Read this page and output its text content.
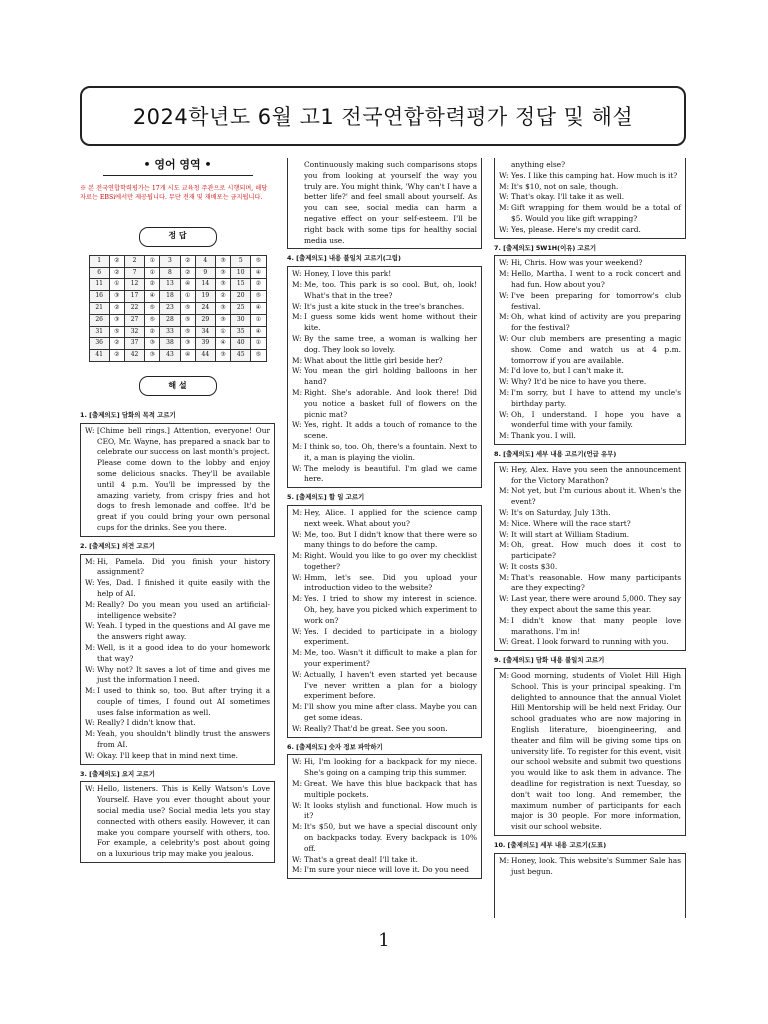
2024학년도 6월 고1 전국연합학력평가 정답 및 해설
• 영어 영역 •
※ 본 전국연합학력평가는 17개 시도 교육청 주관으로 시행되며, 해당 자료는 EBSi에서만 제공됩니다. 무단 전재 및 재배포는 금지됩니다.
정 답
1	②	2	①	3	②	4	③	5	⑤
6	②	7	①	8	②	9	③	10	④
11	①	12	②	13	④	14	③	15	②
16	③	17	④	18	①	19	②	20	⑤
21	②	22	⑤	23	⑤	24	③	25	④
26	③	27	⑤	28	⑤	29	③	30	①
31	⑤	32	②	33	⑤	34	①	35	④
36	②	37	③	38	③	39	④	40	①
41	②	42	③	43	④	44	③	45	⑤
해 설
1. [출제의도] 담화의 목적 고르기
W: [Chime bell rings.] Attention, everyone! Our CEO, Mr. Wayne, has prepared a snack bar to celebrate our success on last month's project. Please come down to the lobby and enjoy some delicious snacks. They'll be available until 4 p.m. You'll be impressed by the amazing variety, from crispy fries and hot dogs to fresh lemonade and coffee. It'd be great if you could bring your own personal cups for the drinks. See you there.
2. [출제의도] 의견 고르기
M: Hi, Pamela. Did you finish your history assignment?
W: Yes, Dad. I finished it quite easily with the help of AI.
M: Really? Do you mean you used an artificial-intelligence website?
W: Yeah. I typed in the questions and AI gave me the answers right away.
M: Well, is it a good idea to do your homework that way?
W: Why not? It saves a lot of time and gives me just the information I need.
M: I used to think so, too. But after trying it a couple of times, I found out AI sometimes uses false information as well.
W: Really? I didn't know that.
M: Yeah, you shouldn't blindly trust the answers from AI.
W: Okay. I'll keep that in mind next time.
3. [출제의도] 요지 고르기
W: Hello, listeners. This is Kelly Watson's Love Yourself. Have you ever thought about your social media use? Social media lets you stay connected with others easily. However, it can make you compare yourself with others, too. For example, a celebrity's post about going on a luxurious trip may make you jealous.
Continuously making such comparisons stops you from looking at yourself the way you truly are. You might think, 'Why can't I have a better life?' and feel small about yourself. As you can see, social media can harm a negative effect on your self-esteem. I'll be right back with some tips for healthy social media use.
4. [출제의도] 내용 불일치 고르기(그림)
W: Honey, I love this park!
M: Me, too. This park is so cool. But, oh, look! What's that in the tree?
W: It's just a kite stuck in the tree's branches.
M: I guess some kids went home without their kite.
W: By the same tree, a woman is walking her dog. They look so lovely.
M: What about the little girl beside her?
W: You mean the girl holding balloons in her hand?
M: Right. She's adorable. And look there! Did you notice a basket full of flowers on the picnic mat?
W: Yes, right. It adds a touch of romance to the scene.
M: I think so, too. Oh, there's a fountain. Next to it, a man is playing the violin.
W: The melody is beautiful. I'm glad we came here.
5. [출제의도] 할 일 고르기
M: Hey, Alice. I applied for the science camp next week. What about you?
W: Me, too. But I didn't know that there were so many things to do before the camp.
M: Right. Would you like to go over my checklist together?
W: Hmm, let's see. Did you upload your introduction video to the website?
M: Yes. I tried to show my interest in science. Oh, hey, have you picked which experiment to work on?
W: Yes. I decided to participate in a biology experiment.
M: Me, too. Wasn't it difficult to make a plan for your experiment?
W: Actually, I haven't even started yet because I've never written a plan for a biology experiment before.
M: I'll show you mine after class. Maybe you can get some ideas.
W: Really? That'd be great. See you soon.
6. [출제의도] 숫자 정보 파악하기
W: Hi, I'm looking for a backpack for my niece. She's going on a camping trip this summer.
M: Great. We have this blue backpack that has multiple pockets.
W: It looks stylish and functional. How much is it?
M: It's $50, but we have a special discount only on backpacks today. Every backpack is 10% off.
W: That's a great deal! I'll take it.
M: I'm sure your niece will love it. Do you need
anything else?
W: Yes. I like this camping hat. How much is it?
M: It's $10, not on sale, though.
W: That's okay. I'll take it as well.
M: Gift wrapping for them would be a total of $5. Would you like gift wrapping?
W: Yes, please. Here's my credit card.
7. [출제의도] 5W1H(이유) 고르기
W: Hi, Chris. How was your weekend?
M: Hello, Martha. I went to a rock concert and had fun. How about you?
W: I've been preparing for tomorrow's club festival.
M: Oh, what kind of activity are you preparing for the festival?
W: Our club members are presenting a magic show. Come and watch us at 4 p.m. tomorrow if you are available.
M: I'd love to, but I can't make it.
W: Why? It'd be nice to have you there.
M: I'm sorry, but I have to attend my uncle's birthday party.
W: Oh, I understand. I hope you have a wonderful time with your family.
M: Thank you. I will.
8. [출제의도] 세부 내용 고르기(언급 유무)
W: Hey, Alex. Have you seen the announcement for the Victory Marathon?
M: Not yet, but I'm curious about it. When's the event?
W: It's on Saturday, July 13th.
M: Nice. Where will the race start?
W: It will start at William Stadium.
M: Oh, great. How much does it cost to participate?
W: It costs $30.
M: That's reasonable. How many participants are they expecting?
W: Last year, there were around 5,000. They say they expect about the same this year.
M: I didn't know that many people love marathons. I'm in!
W: Great. I look forward to running with you.
9. [출제의도] 담화 내용 불일치 고르기
M: Good morning, students of Violet Hill High School. This is your principal speaking. I'm delighted to announce that the annual Violet Hill Mentorship will be held next Friday. Our school graduates who are now majoring in English literature, bioengineering, and theater and film will be giving some tips on university life. To register for this event, visit our school website and submit two questions you would like to ask them in advance. The deadline for registration is next Tuesday, so don't wait too long. And remember, the maximum number of participants for each major is 30 people. For more information, visit our school website.
10. [출제의도] 세부 내용 고르기(도표)
M: Honey, look. This website's Summer Sale has just begun.
1
